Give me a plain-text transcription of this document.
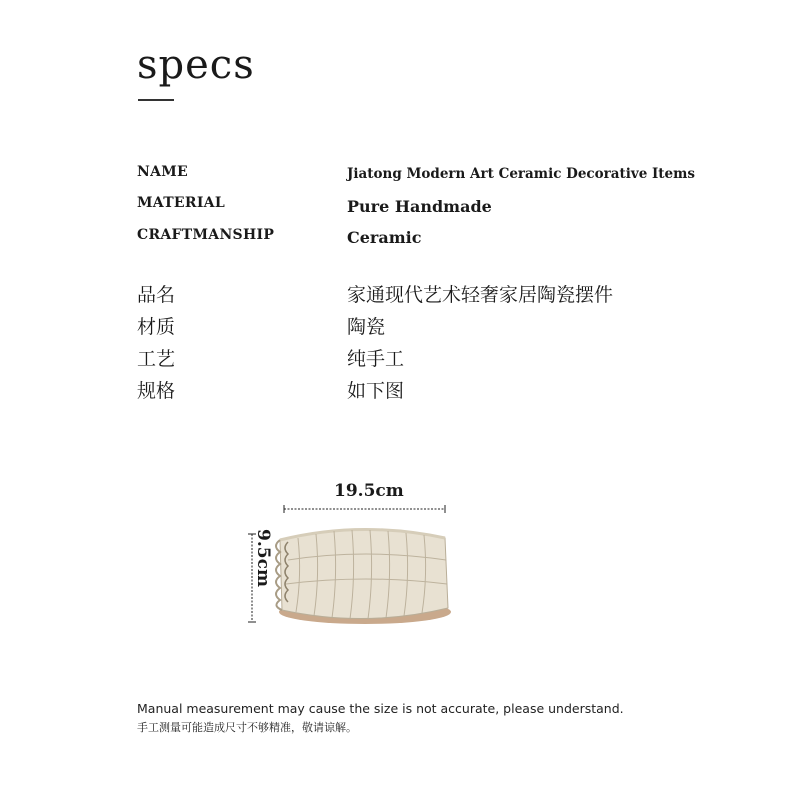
specs
NAME	Jiatong Modern Art Ceramic Decorative Items
MATERIAL	Pure Handmade
CRAFTMANSHIP	Ceramic
品名	家通现代艺术轻奢家居陶瓷摆件
材质	陶瓷
工艺	纯手工
规格	如下图
19.5cm
9.5cm
Manual measurement may cause the size is not accurate, please understand.
手工测量可能造成尺寸不够精准，敬请谅解。
